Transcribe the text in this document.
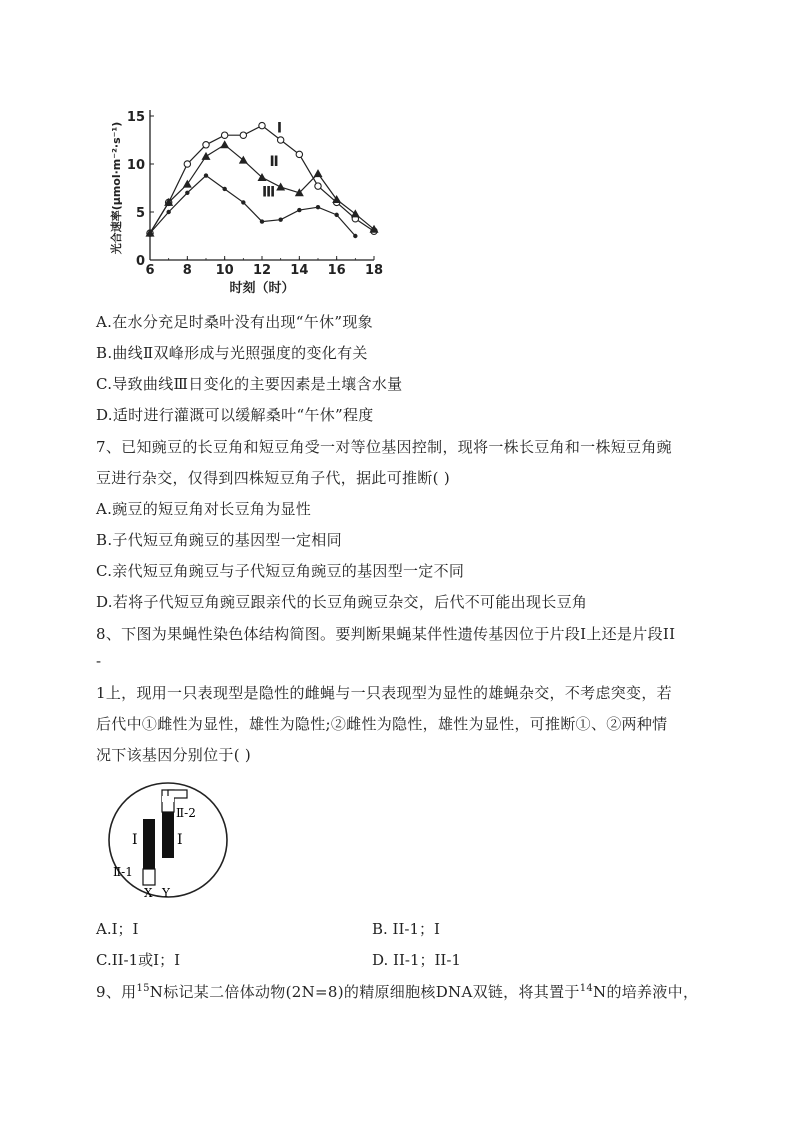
6 8 10 12 14 16 18
0
5
10
15
时刻（时）
光合速率(μmol·m⁻²·s⁻¹)	Ⅰ
Ⅱ
Ⅲ
A.在水分充足时桑叶没有出现“午休”现象
B.曲线Ⅱ双峰形成与光照强度的变化有关
C.导致曲线Ⅲ日变化的主要因素是土壤含水量
D.适时进行灌溉可以缓解桑叶“午休”程度
7、已知豌豆的长豆角和短豆角受一对等位基因控制，现将一株长豆角和一株短豆角豌
豆进行杂交，仅得到四株短豆角子代，据此可推断( )
A.豌豆的短豆角对长豆角为显性
B.子代短豆角豌豆的基因型一定相同
C.亲代短豆角豌豆与子代短豆角豌豆的基因型一定不同
D.若将子代短豆角豌豆跟亲代的长豆角豌豆杂交，后代不可能出现长豆角
8、下图为果蝇性染色体结构简图。要判断果蝇某伴性遗传基因位于片段I上还是片段II
-
1上，现用一只表现型是隐性的雌蝇与一只表现型为显性的雄蝇杂交，不考虑突变，若
后代中①雌性为显性，雄性为隐性;②雌性为隐性，雄性为显性，可推断①、②两种情
况下该基因分别位于( )
Ⅰ	Ⅰ
Ⅱ-2
Ⅱ-1
X Y
A.I；I	B. II-1；I
C.II-1或I；I	D. II-1；II-1
9、用$^{15}$N标记某二倍体动物(2N=8)的精原细胞核DNA双链，将其置于$^{14}$N的培养液中，
